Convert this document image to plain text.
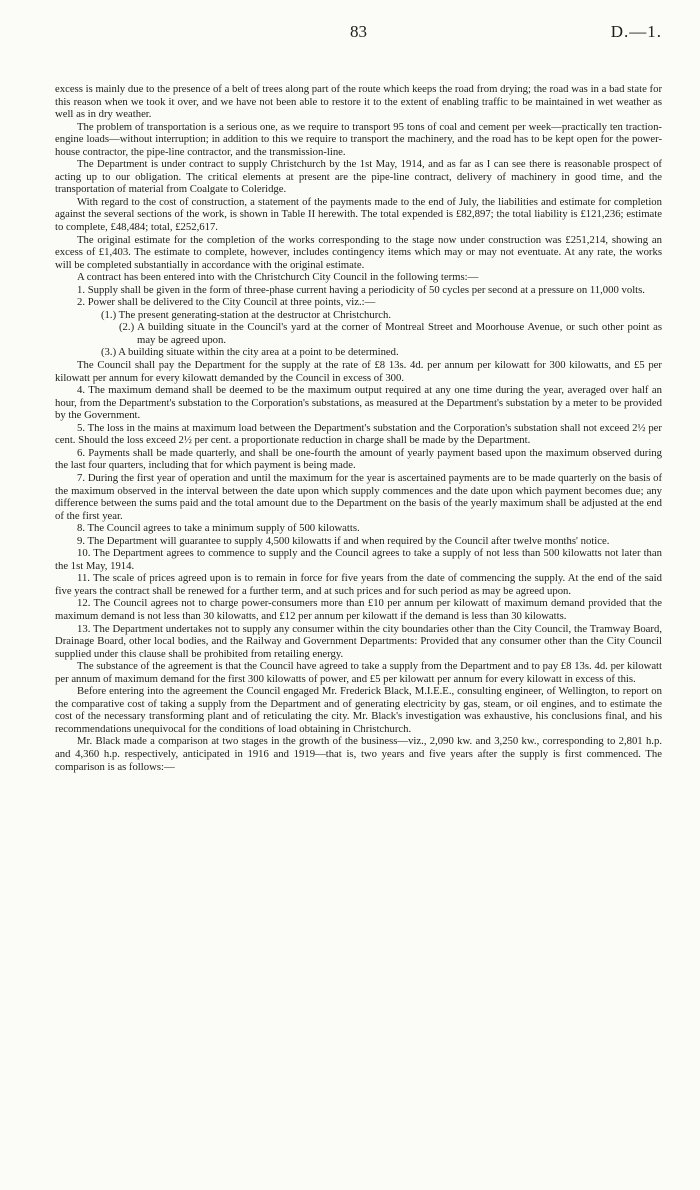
83	D.—1.

excess is mainly due to the presence of a belt of trees along part of the route which keeps the road from drying; the road was in a bad state for this reason when we took it over, and we have not been able to restore it to the extent of enabling traffic to be maintained in wet weather as well as in dry weather.

The problem of transportation is a serious one, as we require to transport 95 tons of coal and cement per week—practically ten traction-engine loads—without interruption; in addition to this we require to transport the machinery, and the road has to be kept open for the power-house contractor, the pipe-line contractor, and the transmission-line.

The Department is under contract to supply Christchurch by the 1st May, 1914, and as far as I can see there is reasonable prospect of acting up to our obligation. The critical elements at present are the pipe-line contract, delivery of machinery in good time, and the transportation of material from Coalgate to Coleridge.

With regard to the cost of construction, a statement of the payments made to the end of July, the liabilities and estimate for completion against the several sections of the work, is shown in Table II herewith. The total expended is £82,897; the total liability is £121,236; estimate to complete, £48,484; total, £252,617.

The original estimate for the completion of the works corresponding to the stage now under construction was £251,214, showing an excess of £1,403. The estimate to complete, however, includes contingency items which may or may not eventuate. At any rate, the works will be completed substantially in accordance with the original estimate.

A contract has been entered into with the Christchurch City Council in the following terms:—

1. Supply shall be given in the form of three-phase current having a periodicity of 50 cycles per second at a pressure on 11,000 volts.

2. Power shall be delivered to the City Council at three points, viz.:—

(1.) The present generating-station at the destructor at Christchurch.

(2.) A building situate in the Council's yard at the corner of Montreal Street and Moorhouse Avenue, or such other point as may be agreed upon.

(3.) A building situate within the city area at a point to be determined.

The Council shall pay the Department for the supply at the rate of £8 13s. 4d. per annum per kilowatt for 300 kilowatts, and £5 per kilowatt per annum for every kilowatt demanded by the Council in excess of 300.

4. The maximum demand shall be deemed to be the maximum output required at any one time during the year, averaged over half an hour, from the Department's substation to the Corporation's substations, as measured at the Department's substation by a meter to be provided by the Government.

5. The loss in the mains at maximum load between the Department's substation and the Corporation's substation shall not exceed 2½ per cent. Should the loss exceed 2½ per cent. a proportionate reduction in charge shall be made by the Department.

6. Payments shall be made quarterly, and shall be one-fourth the amount of yearly payment based upon the maximum observed during the last four quarters, including that for which payment is being made.

7. During the first year of operation and until the maximum for the year is ascertained payments are to be made quarterly on the basis of the maximum observed in the interval between the date upon which supply commences and the date upon which payment becomes due; any difference between the sums paid and the total amount due to the Department on the basis of the yearly maximum shall be adjusted at the end of the first year.

8. The Council agrees to take a minimum supply of 500 kilowatts.

9. The Department will guarantee to supply 4,500 kilowatts if and when required by the Council after twelve months' notice.

10. The Department agrees to commence to supply and the Council agrees to take a supply of not less than 500 kilowatts not later than the 1st May, 1914.

11. The scale of prices agreed upon is to remain in force for five years from the date of commencing the supply. At the end of the said five years the contract shall be renewed for a further term, and at such prices and for such period as may be agreed upon.

12. The Council agrees not to charge power-consumers more than £10 per annum per kilowatt of maximum demand provided that the maximum demand is not less than 30 kilowatts, and £12 per annum per kilowatt if the demand is less than 30 kilowatts.

13. The Department undertakes not to supply any consumer within the city boundaries other than the City Council, the Tramway Board, Drainage Board, other local bodies, and the Railway and Government Departments: Provided that any consumer other than the City Council supplied under this clause shall be prohibited from retailing energy.

The substance of the agreement is that the Council have agreed to take a supply from the Department and to pay £8 13s. 4d. per kilowatt per annum of maximum demand for the first 300 kilowatts of power, and £5 per kilowatt per annum for every kilowatt in excess of this.

Before entering into the agreement the Council engaged Mr. Frederick Black, M.I.E.E., consulting engineer, of Wellington, to report on the comparative cost of taking a supply from the Department and of generating electricity by gas, steam, or oil engines, and to estimate the cost of the necessary transforming plant and of reticulating the city. Mr. Black's investigation was exhaustive, his conclusions final, and his recommendations unequivocal for the conditions of load obtaining in Christchurch.

Mr. Black made a comparison at two stages in the growth of the business—viz., 2,090 kw. and 3,250 kw., corresponding to 2,801 h.p. and 4,360 h.p. respectively, anticipated in 1916 and 1919—that is, two years and five years after the supply is first commenced. The comparison is as follows:—
